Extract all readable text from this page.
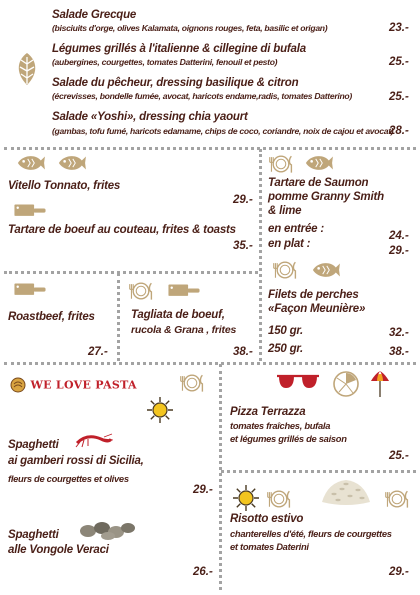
Salade Grecque
(bisciuits d'orge, olives Kalamata, oignons rouges, feta, basilic et origan)	23.-
Légumes grillés à l'italienne & cillegine di bufala
(aubergines, courgettes, tomates Datterini, fenouil et pesto)	25.-
Salade du pêcheur, dressing basilique & citron
(écrevisses, bondelle fumée, avocat, haricots endame,radis, tomates Datterino)	25.-
Salade «Yoshi», dressing chia yaourt
(gambas, tofu fumé, haricots edamame, chips de coco, coriandre, noix de cajou et avocat)
28.-
Vitello Tonnato, frites
29.-
Tartare de boeuf au couteau, frites & toasts
35.-
Tartare de Saumon
pomme Granny Smith
& lime
en entrée :
24.-
en plat :
29.-
Roastbeef, frites
27.-
Tagliata de boeuf,
rucola & Grana , frites
38.-
Filets de perches
«Façon Meunière»
150 gr.	32.-
250 gr.	38.-
WE LOVE PASTA
Spaghetti
ai gamberi rossi di Sicilia,
fleurs de courgettes et olives
29.-
Spaghetti
alle Vongole Veraci
26.-
Pizza Terrazza
tomates fraîches, bufala
et légumes grillés de saison
25.-
Risotto estivo
chanterelles d'été, fleurs de courgettes
et tomates Daterini
29.-
